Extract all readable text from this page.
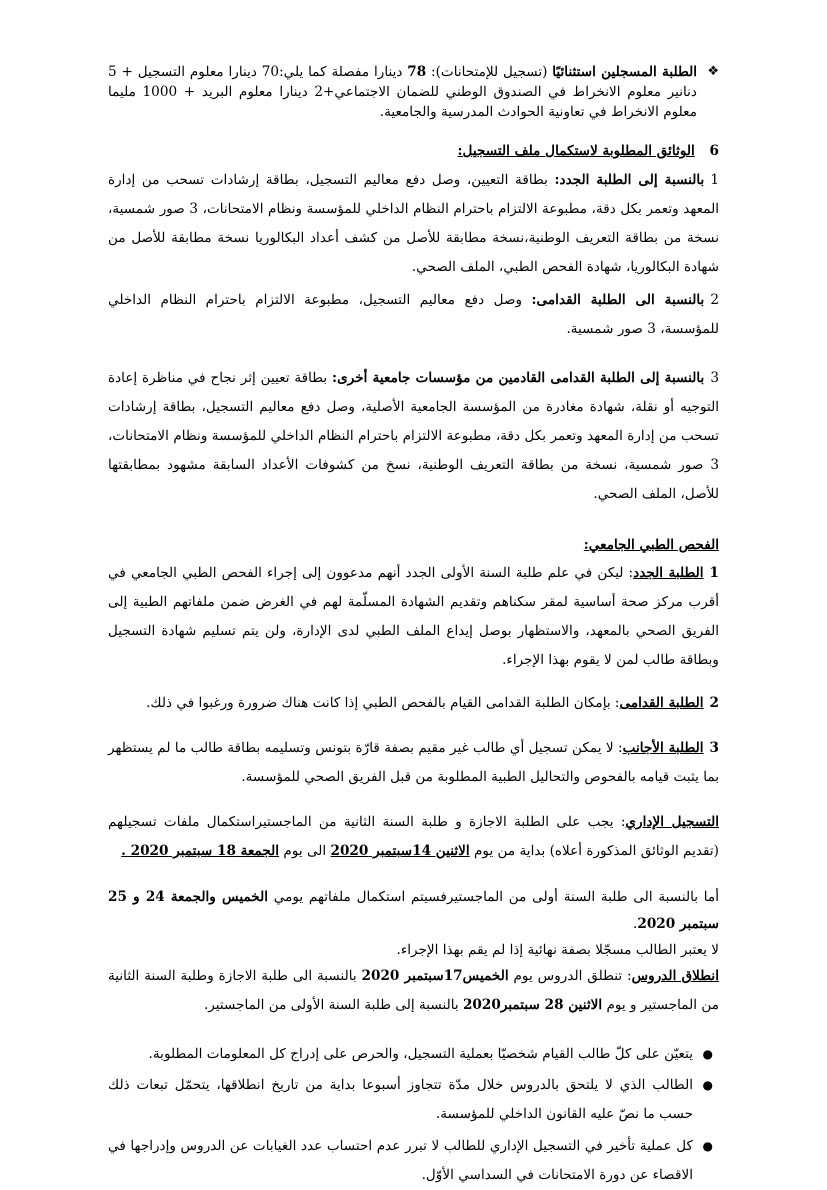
❖
الطلبة المسجلين استثنائيًا (تسجيل للإمتحانات): 78 دينارا مفصلة كما يلي:70 دينارا معلوم التسجيل + 5 دنانير معلوم الانخراط في الصندوق الوطني للضمان الاجتماعي+2 دينارا معلوم البريد + 1000 مليما معلوم الانخراط في تعاونية الحوادث المدرسية والجامعية.

6 الوثائق المطلوبة لاستكمال ملف التسجيل:

1بالنسبة إلى الطلبة الجدد: بطاقة التعيين، وصل دفع معاليم التسجيل، بطاقة إرشادات تسحب من إدارة المعهد وتعمر بكل دقة، مطبوعة الالتزام باحترام النظام الداخلي للمؤسسة ونظام الامتحانات، 3 صور شمسية، نسخة من بطاقة التعريف الوطنية،نسخة مطابقة للأصل من كشف أعداد البكالوريا نسخة مطابقة للأصل من شهادة البكالوريا، شهادة الفحص الطبي، الملف الصحي.

2بالنسبة الى الطلبة القدامى: وصل دفع معاليم التسجيل، مطبوعة الالتزام باحترام النظام الداخلي للمؤسسة، 3 صور شمسية.

3بالنسبة إلى الطلبة القدامى القادمين من مؤسسات جامعية أخرى: بطاقة تعيين إثر نجاح في مناظرة إعادة التوجيه أو نقلة، شهادة مغادرة من المؤسسة الجامعية الأصلية، وصل دفع معاليم التسجيل، بطاقة إرشادات تسحب من إدارة المعهد وتعمر بكل دقة، مطبوعة الالتزام باحترام النظام الداخلي للمؤسسة ونظام الامتحانات، 3 صور شمسية، نسخة من بطاقة التعريف الوطنية، نسخ من كشوفات الأعداد السابقة مشهود بمطابقتها للأصل، الملف الصحي.

الفحص الطبي الجامعي:

1الطلبة الجدد: ليكن في علم طلبة السنة الأولى الجدد أنهم مدعوون إلى إجراء الفحص الطبي الجامعي في أقرب مركز صحة أساسية لمقر سكناهم وتقديم الشهادة المسلّمة لهم في الغرض ضمن ملفاتهم الطبية إلى الفريق الصحي بالمعهد، والاستظهار بوصل إيداع الملف الطبي لدى الإدارة، ولن يتم تسليم شهادة التسجيل وبطاقة طالب لمن لا يقوم بهذا الإجراء.

2الطلبة القدامى: بإمكان الطلبة القدامى القيام بالفحص الطبي إذا كانت هناك ضرورة ورغبوا في ذلك.

3الطلبة الأجانب: لا يمكن تسجيل أي طالب غير مقيم بصفة قارّة بتونس وتسليمه بطاقة طالب ما لم يستظهر بما يثبت قيامه بالفحوص والتحاليل الطبية المطلوبة من قبل الفريق الصحي للمؤسسة.

التسجيل الإداري: يجب على الطلبة الاجازة و طلبة السنة الثانية من الماجستيراستكمال ملفات تسجيلهم (تقديم الوثائق المذكورة أعلاه) بداية من يوم الاثنين 14سبتمبر 2020 الى يوم الجمعة 18 سبتمبر 2020 .

أما بالنسبة الى طلبة السنة أولى من الماجستيرفسيتم استكمال ملفاتهم يومي الخميس والجمعة 24 و 25 سبتمبر 2020.

لا يعتبر الطالب مسجّلا بصفة نهائية إذا لم يقم بهذا الإجراء.

انطلاق الدروس: تنطلق الدروس يوم الخميس17سبتمبر 2020 بالنسبة الى طلبة الاجازة وطلبة السنة الثانية من الماجستير و يوم الاثنين 28 سبتمبر2020 بالنسبة إلى طلبة السنة الأولى من الماجستير.

●
يتعيّن على كلّ طالب القيام شخصيّا بعملية التسجيل، والحرص على إدراج كل المعلومات المطلوبة.
●
الطالب الذي لا يلتحق بالدروس خلال مدّة تتجاوز أسبوعا بداية من تاريخ انطلاقها، يتحمّل تبعات ذلك حسب ما نصّ عليه القانون الداخلي للمؤسسة.
●
كل عملية تأخير في التسجيل الإداري للطالب لا تبرر عدم احتساب عدد الغيابات عن الدروس وإدراجها في الاقصاء عن دورة الامتحانات في السداسي الأوّل.
